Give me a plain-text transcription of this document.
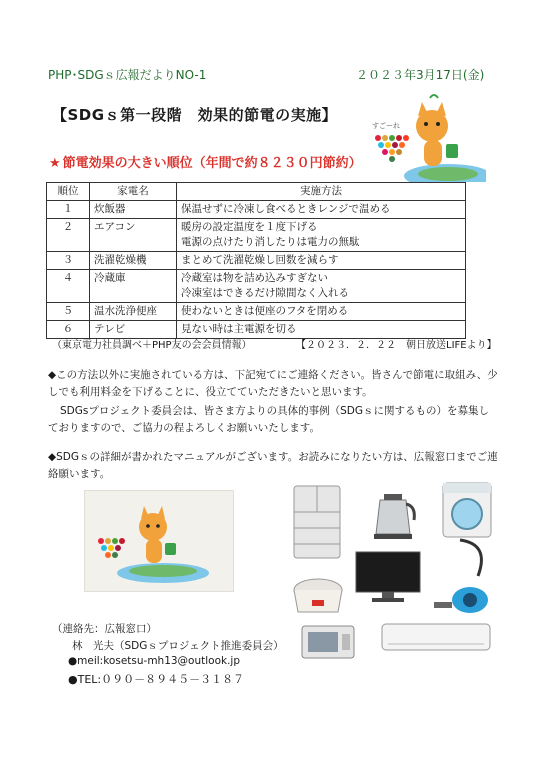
PHP･SDGｓ広報だよりNO-1	２０２３年3月17日(金)
【SDGｓ第一段階　効果的節電の実施】
すごーれ
★ 節電効果の大きい順位（年間で約８２３０円節約）
順位	家電名	実施方法
１	炊飯器	保温せずに冷凍し食べるときレンジで温める
２	エアコン	暖房の設定温度を１度下げる
電源の点けたり消したりは電力の無駄

３	洗濯乾燥機	まとめて洗濯乾燥し回数を減らす
４	冷蔵庫	冷蔵室は物を詰め込みすぎない
冷凍室はできるだけ隙間なく入れる

５	温水洗浄便座	使わないときは便座のフタを閉める
６	テレビ	見ない時は主電源を切る
（東京電力社員調べ＋PHP友の会会員情報）	【２０２３．２．２２　朝日放送LIFEより】
◆この方法以外に実施されている方は、下記宛てにご連絡ください。皆さんで節電に取組み、少しでも利用料金を下げることに、役立てていただきたいと思います。
SDGsプロジェクト委員会は、皆さま方よりの具体的事例（SDGｓに関するもの）を募集しておりますので、ご協力の程よろしくお願いいたします。
◆SDGｓの詳細が書かれたマニュアルがございます。お読みになりたい方は、広報窓口までご連絡願います。
（連絡先：広報窓口）
林　光夫（SDGｓプロジェクト推進委員会）
●meil:kosetsu-mh13@outlook.jp
●TEL:０９０－８９４５－３１８７
